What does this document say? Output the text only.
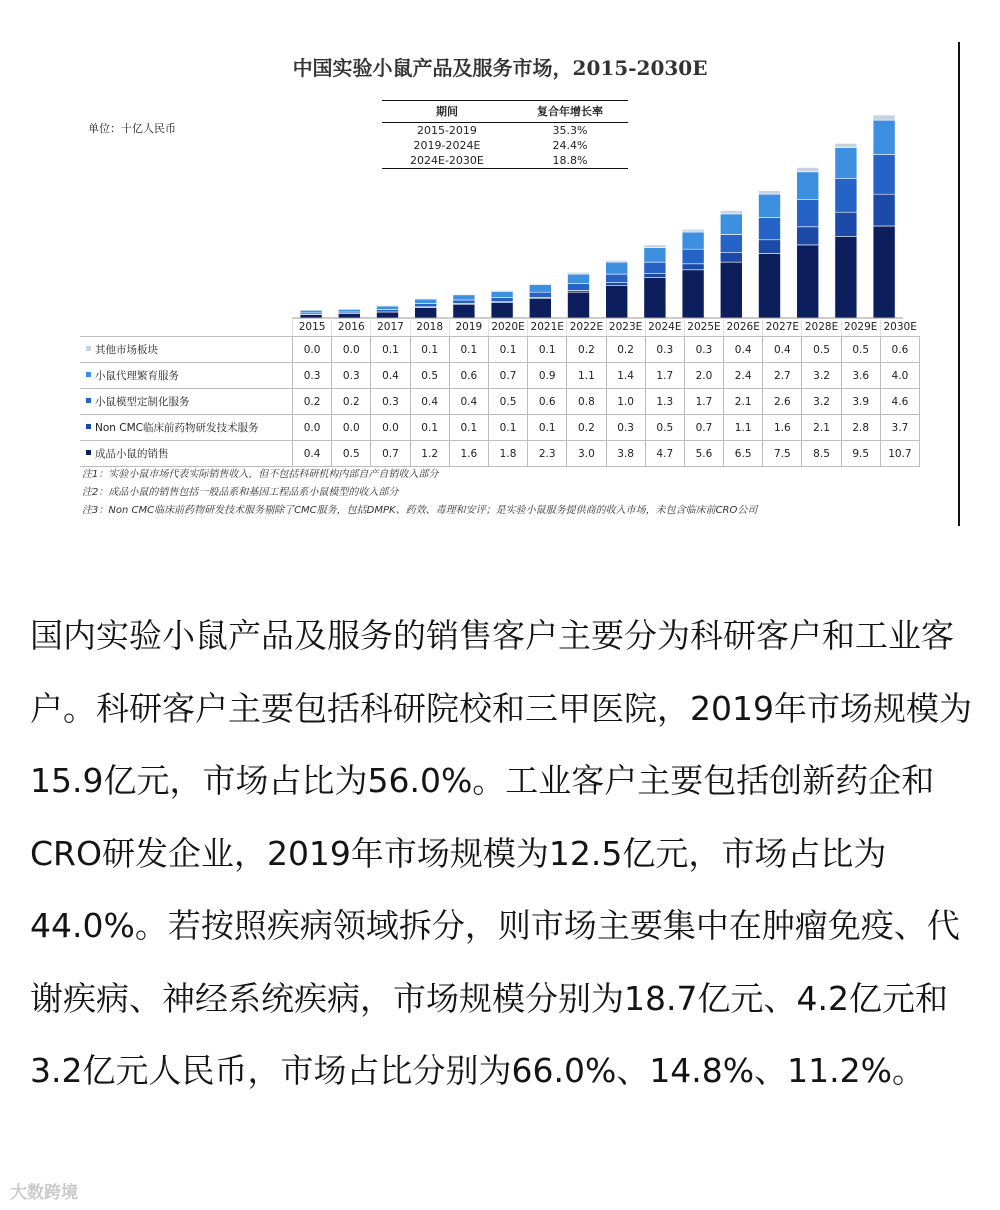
中国实验小鼠产品及服务市场，2015-2030E
单位：十亿人民币
期间	复合年增长率
2015-2019	35.3%
2019-2024E	24.4%
2024E-2030E	18.8%
	2015	2016	2017	2018	2019	2020E	2021E	2022E	2023E	2024E	2025E	2026E	2027E	2028E	2029E	2030E
其他市场板块	0.0	0.0	0.1	0.1	0.1	0.1	0.1	0.2	0.2	0.3	0.3	0.4	0.4	0.5	0.5	0.6
小鼠代理繁育服务	0.3	0.3	0.4	0.5	0.6	0.7	0.9	1.1	1.4	1.7	2.0	2.4	2.7	3.2	3.6	4.0
小鼠模型定制化服务	0.2	0.2	0.3	0.4	0.4	0.5	0.6	0.8	1.0	1.3	1.7	2.1	2.6	3.2	3.9	4.6
Non CMC临床前药物研发技术服务	0.0	0.0	0.0	0.1	0.1	0.1	0.1	0.2	0.3	0.5	0.7	1.1	1.6	2.1	2.8	3.7
成品小鼠的销售	0.4	0.5	0.7	1.2	1.6	1.8	2.3	3.0	3.8	4.7	5.6	6.5	7.5	8.5	9.5	10.7
注1：实验小鼠市场代表实际销售收入，但不包括科研机构内部自产自销收入部分
注2：成品小鼠的销售包括一般品系和基因工程品系小鼠模型的收入部分
注3：Non CMC临床前药物研发技术服务剔除了CMC服务，包括DMPK、药效、毒理和安评；是实验小鼠服务提供商的收入市场，未包含临床前CRO公司
国内实验小鼠产品及服务的销售客户主要分为科研客户和工业客户。科研客户主要包括科研院校和三甲医院，2019年市场规模为15.9亿元，市场占比为56.0%。工业客户主要包括创新药企和CRO研发企业，2019年市场规模为12.5亿元，市场占比为44.0%。若按照疾病领域拆分，则市场主要集中在肿瘤免疫、代谢疾病、神经系统疾病，市场规模分别为18.7亿元、4.2亿元和3.2亿元人民币，市场占比分别为66.0%、14.8%、11.2%。
大数跨境
